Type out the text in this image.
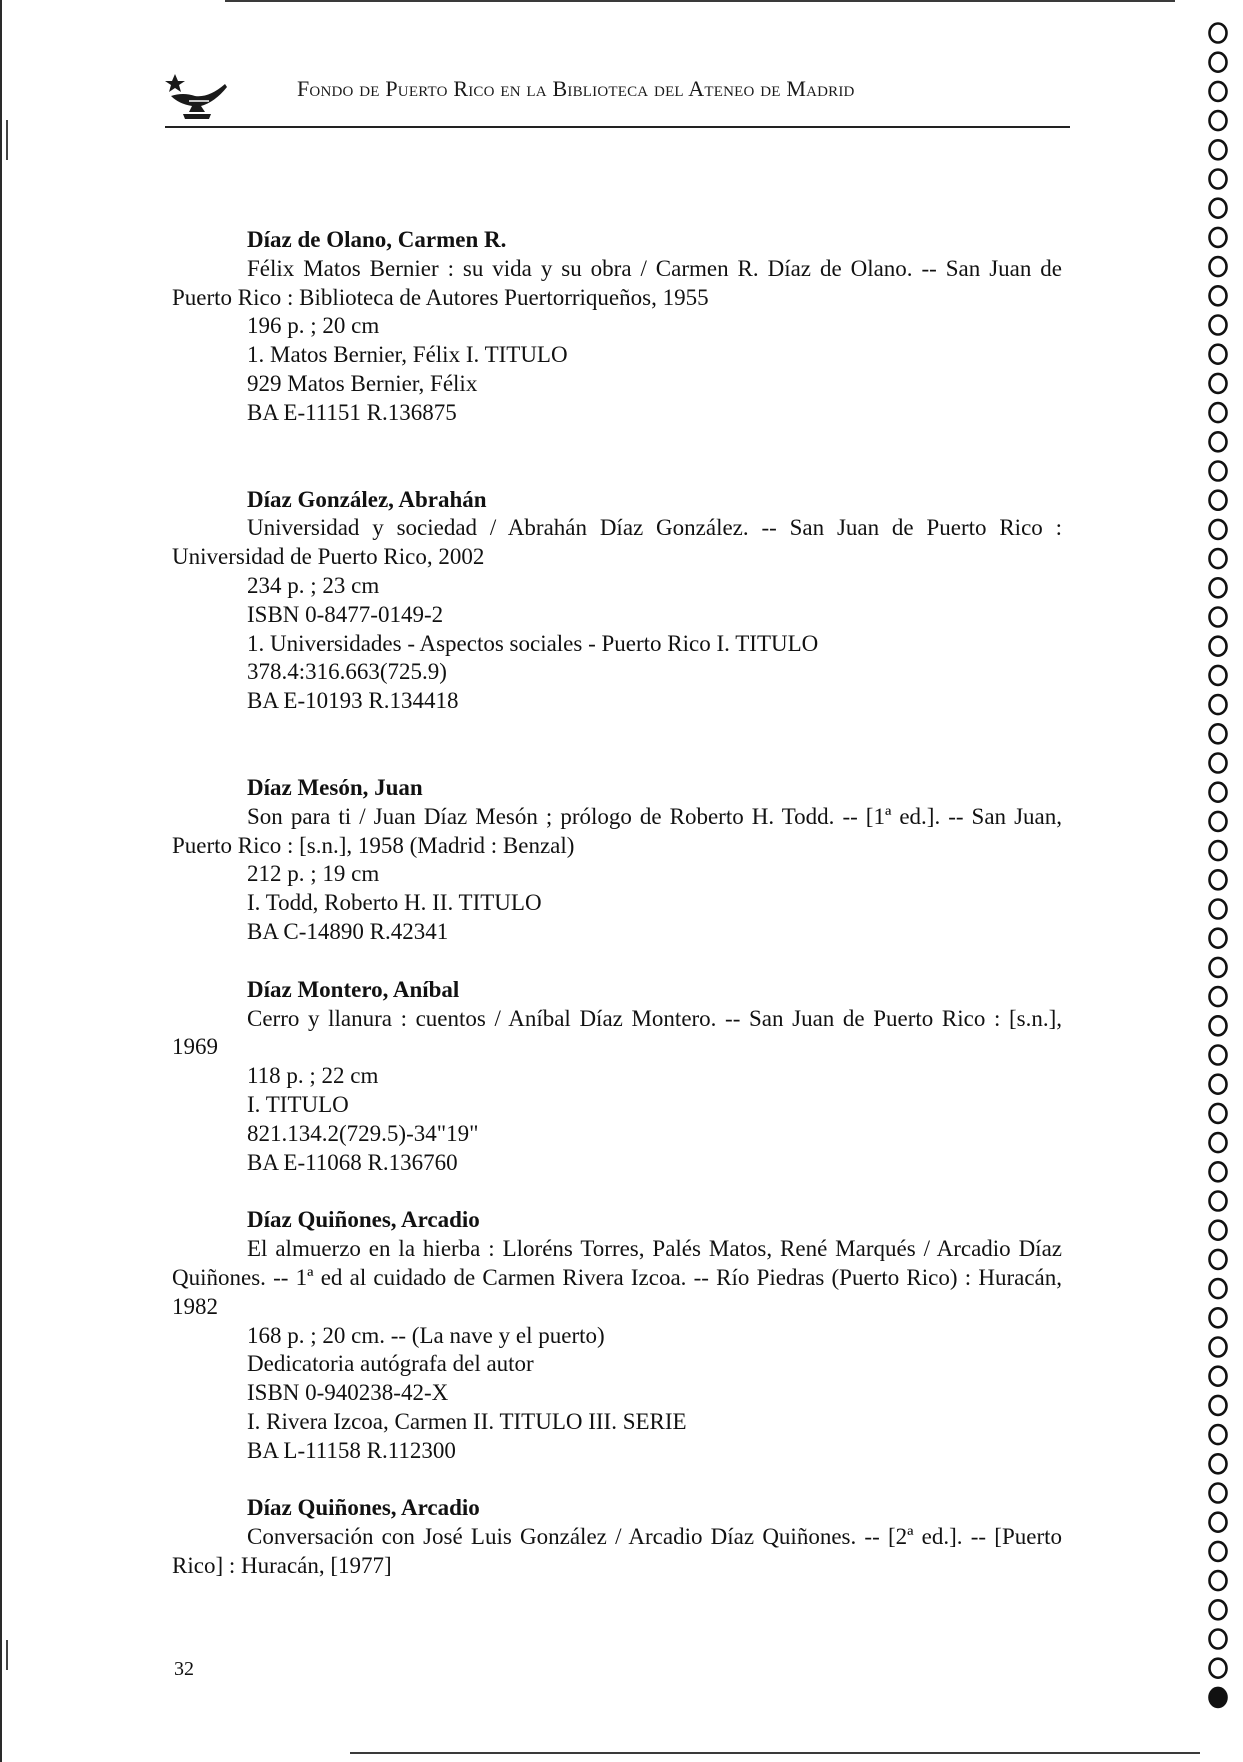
Fondo de Puerto Rico en la Biblioteca del Ateneo de Madrid
Díaz de Olano, Carmen R.
Félix Matos Bernier : su vida y su obra / Carmen R. Díaz de Olano. -- San Juan de Puerto Rico : Biblioteca de Autores Puertorriqueños, 1955
196 p. ; 20 cm
1. Matos Bernier, Félix I. TITULO
929 Matos Bernier, Félix
BA E-11151 R.136875
Díaz González, Abrahán
Universidad y sociedad / Abrahán Díaz González. -- San Juan de Puerto Rico : Universidad de Puerto Rico, 2002
234 p. ; 23 cm
ISBN 0-8477-0149-2
1. Universidades - Aspectos sociales - Puerto Rico I. TITULO
378.4:316.663(725.9)
BA E-10193 R.134418
Díaz Mesón, Juan
Son para ti / Juan Díaz Mesón ; prólogo de Roberto H. Todd. -- [1ª ed.]. -- San Juan, Puerto Rico : [s.n.], 1958 (Madrid : Benzal)
212 p. ; 19 cm
I. Todd, Roberto H. II. TITULO
BA C-14890 R.42341
Díaz Montero, Aníbal
Cerro y llanura : cuentos / Aníbal Díaz Montero. -- San Juan de Puerto Rico : [s.n.], 1969
118 p. ; 22 cm
I. TITULO
821.134.2(729.5)-34"19"
BA E-11068 R.136760
Díaz Quiñones, Arcadio
El almuerzo en la hierba : Lloréns Torres, Palés Matos, René Marqués / Arcadio Díaz Quiñones. -- 1ª ed al cuidado de Carmen Rivera Izcoa. -- Río Piedras (Puerto Rico) : Huracán, 1982
168 p. ; 20 cm. -- (La nave y el puerto)
Dedicatoria autógrafa del autor
ISBN 0-940238-42-X
I. Rivera Izcoa, Carmen II. TITULO III. SERIE
BA L-11158 R.112300
Díaz Quiñones, Arcadio
Conversación con José Luis González / Arcadio Díaz Quiñones. -- [2ª ed.]. -- [Puerto Rico] : Huracán, [1977]
32
